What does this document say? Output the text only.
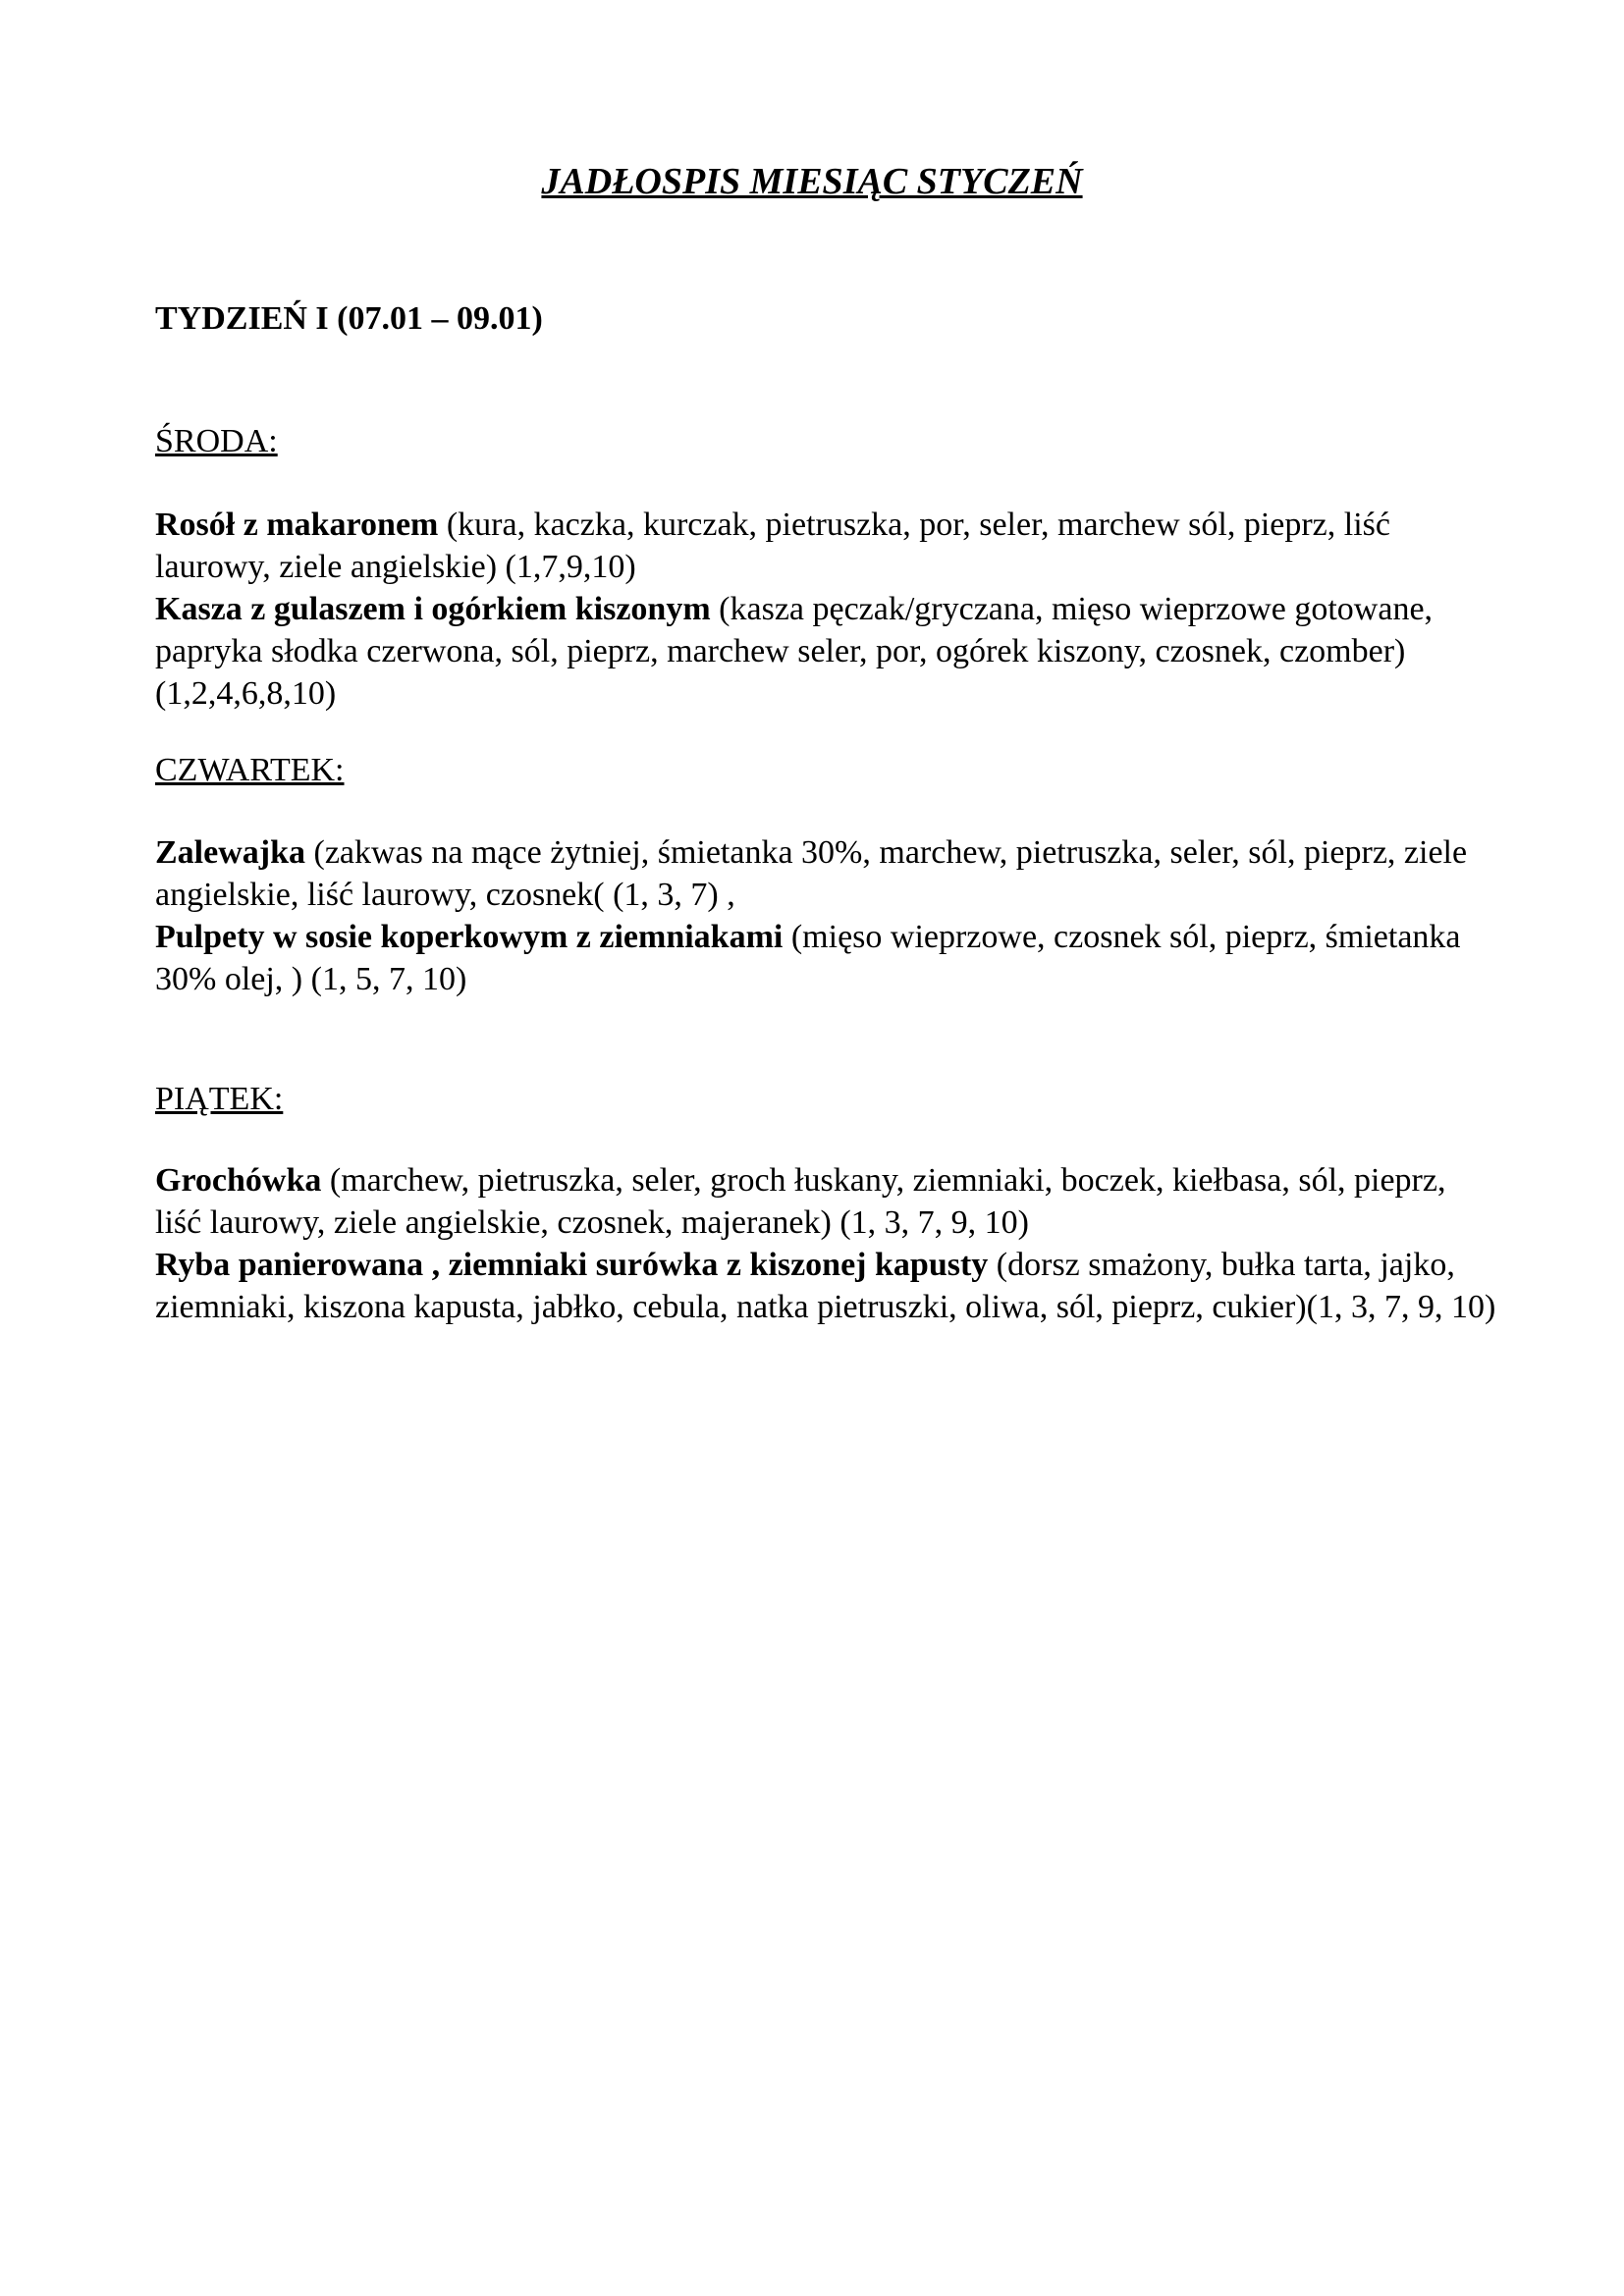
JADŁOSPIS MIESIĄC STYCZEŃ

TYDZIEŃ I (07.01 – 09.01)

ŚRODA:

Rosół z makaronem (kura, kaczka, kurczak, pietruszka, por, seler, marchew sól, pieprz, liść laurowy, ziele angielskie) (1,7,9,10)

Kasza z gulaszem i ogórkiem kiszonym (kasza pęczak/gryczana, mięso wieprzowe gotowane, papryka słodka czerwona, sól, pieprz, marchew seler, por, ogórek kiszony, czosnek, czomber) (1,2,4,6,8,10)

CZWARTEK:

Zalewajka (zakwas na mące żytniej, śmietanka 30%, marchew, pietruszka, seler, sól, pieprz, ziele angielskie, liść laurowy, czosnek( (1, 3, 7) ,

Pulpety w sosie koperkowym z ziemniakami (mięso wieprzowe, czosnek sól, pieprz, śmietanka 30% olej, ) (1, 5, 7, 10)

PIĄTEK:

Grochówka (marchew, pietruszka, seler, groch łuskany, ziemniaki, boczek, kiełbasa, sól, pieprz, liść laurowy, ziele angielskie, czosnek, majeranek) (1, 3, 7, 9, 10)

Ryba panierowana , ziemniaki surówka z kiszonej kapusty (dorsz smażony, bułka tarta, jajko, ziemniaki, kiszona kapusta, jabłko, cebula, natka pietruszki, oliwa, sól, pieprz, cukier)(1, 3, 7, 9, 10)
